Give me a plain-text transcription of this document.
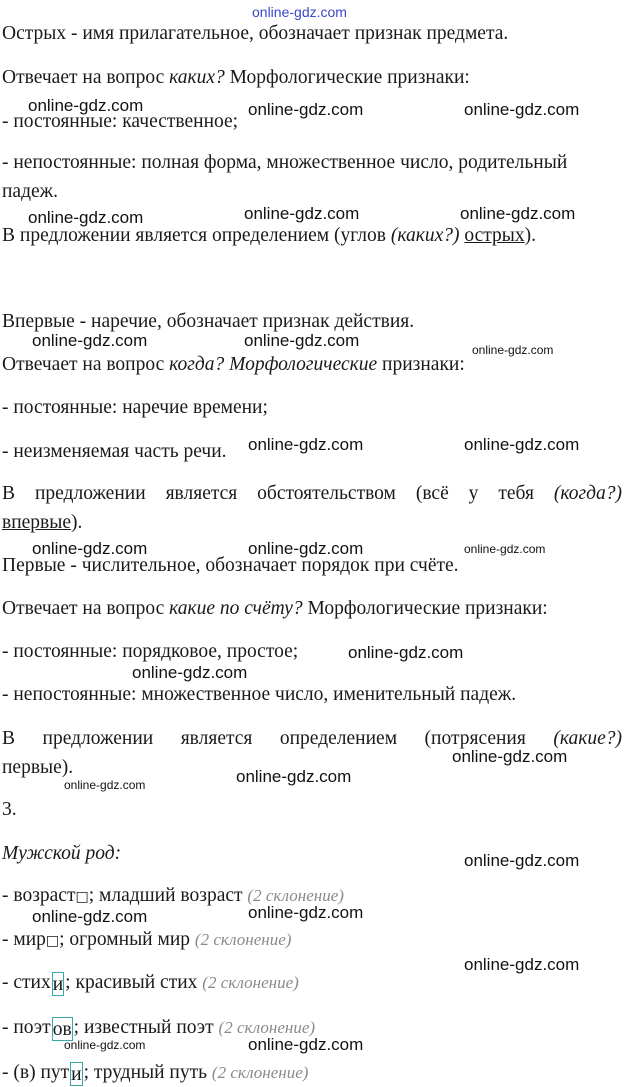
online-gdz.com
Острых - имя прилагательное, обозначает признак предмета.
Отвечает на вопрос каких? Морфологические признаки:
- постоянные: качественное;
- непостоянные: полная форма, множественное число, родительный
падеж.
В предложении является определением (углов (каких?) острых).
Впервые - наречие, обозначает признак действия.
Отвечает на вопрос когда? Морфологические признаки:
- постоянные: наречие времени;
- неизменяемая часть речи.
В предложении является обстоятельством (всё у тебя (когда?)
впервые).
Первые - числительное, обозначает порядок при счёте.
Отвечает на вопрос какие по счёту? Морфологические признаки:
- постоянные: порядковое, простое;
- непостоянные: множественное число, именительный падеж.
В предложении является определением (потрясения (какие?)
первые).
3.
Мужской род:
- возраст□; младший возраст (2 склонение)
- мир□; огромный мир (2 склонение)
- стих и ; красивый стих (2 склонение)
- поэт ов ; известный поэт (2 склонение)
- (в) пут и ; трудный путь (2 склонение)
online-gdz.com	online-gdz.com	online-gdz.com
online-gdz.com	online-gdz.com	online-gdz.com
online-gdz.com	online-gdz.com	online-gdz.com
online-gdz.com	online-gdz.com
online-gdz.com	online-gdz.com	online-gdz.com
online-gdz.com
online-gdz.com
online-gdz.com
online-gdz.com
online-gdz.com
online-gdz.com
online-gdz.com
online-gdz.com
online-gdz.com
online-gdz.com
online-gdz.com
